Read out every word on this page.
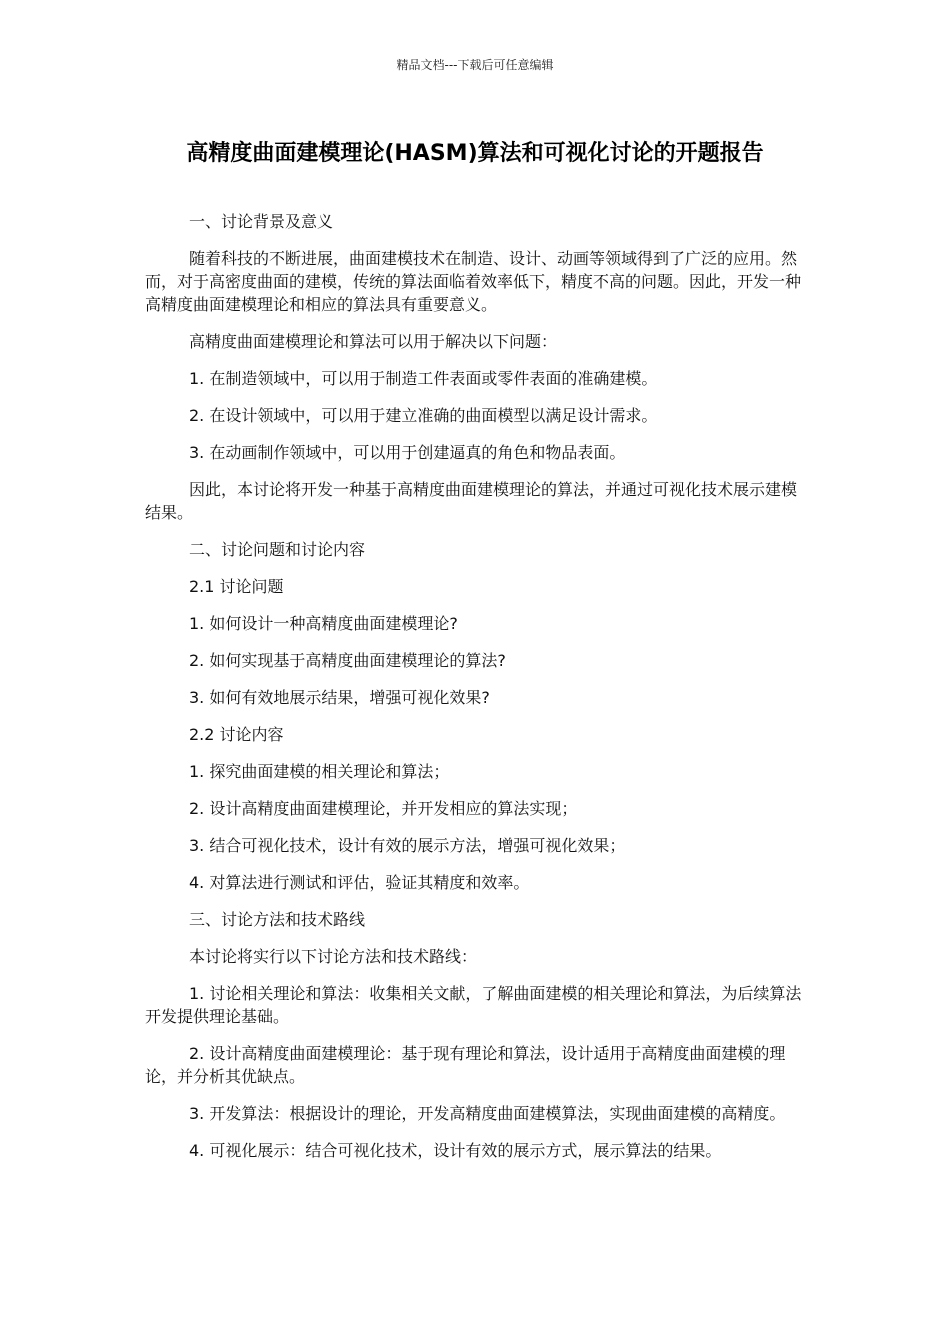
精品文档---下载后可任意编辑
高精度曲面建模理论(HASM)算法和可视化讨论的开题报告

一、讨论背景及意义

随着科技的不断进展，曲面建模技术在制造、设计、动画等领域得到了广泛的应用。然而，对于高密度曲面的建模，传统的算法面临着效率低下，精度不高的问题。因此，开发一种高精度曲面建模理论和相应的算法具有重要意义。

高精度曲面建模理论和算法可以用于解决以下问题：

1. 在制造领域中，可以用于制造工件表面或零件表面的准确建模。

2. 在设计领域中，可以用于建立准确的曲面模型以满足设计需求。

3. 在动画制作领域中，可以用于创建逼真的角色和物品表面。

因此，本讨论将开发一种基于高精度曲面建模理论的算法，并通过可视化技术展示建模结果。

二、讨论问题和讨论内容

2.1 讨论问题

1. 如何设计一种高精度曲面建模理论?

2. 如何实现基于高精度曲面建模理论的算法?

3. 如何有效地展示结果，增强可视化效果?

2.2 讨论内容

1. 探究曲面建模的相关理论和算法；

2. 设计高精度曲面建模理论，并开发相应的算法实现；

3. 结合可视化技术，设计有效的展示方法，增强可视化效果；

4. 对算法进行测试和评估，验证其精度和效率。

三、讨论方法和技术路线

本讨论将实行以下讨论方法和技术路线：

1. 讨论相关理论和算法：收集相关文献，了解曲面建模的相关理论和算法，为后续算法开发提供理论基础。

2. 设计高精度曲面建模理论：基于现有理论和算法，设计适用于高精度曲面建模的理论，并分析其优缺点。

3. 开发算法：根据设计的理论，开发高精度曲面建模算法，实现曲面建模的高精度。

4. 可视化展示：结合可视化技术，设计有效的展示方式，展示算法的结果。
